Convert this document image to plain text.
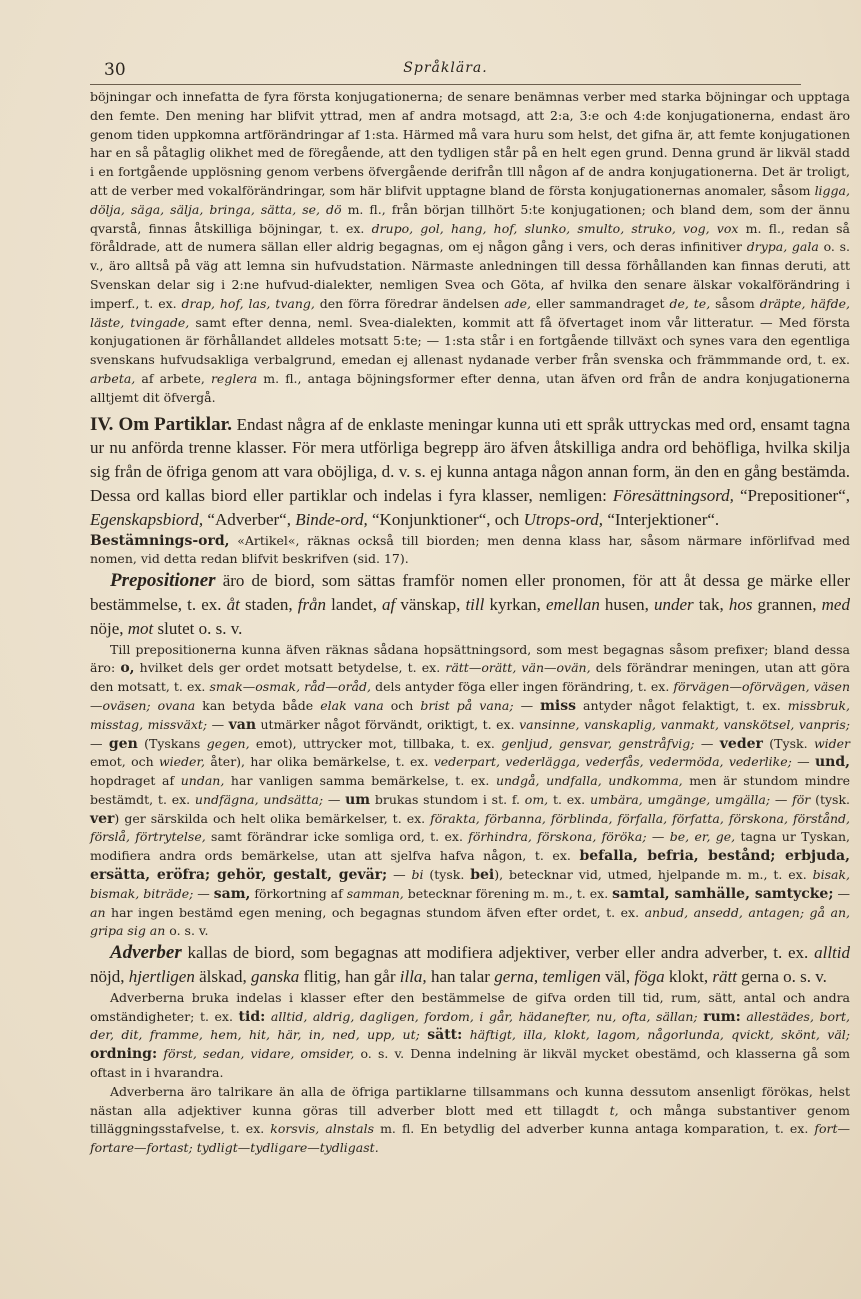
30	Språklära.

böjningar och innefatta de fyra första konjugationerna; de senare benämnas verber med starka böjningar och upptaga den femte. Den mening har blifvit yttrad, men af andra motsagd, att 2:a, 3:e och 4:de konjugationerna, endast äro genom tiden uppkomna artförändringar af 1:sta. Härmed må vara huru som helst, det gifna är, att femte konjugationen har en så påtaglig olikhet med de föregående, att den tydligen står på en helt egen grund. Denna grund är likväl stadd i en fortgående upplösning genom verbens öfvergående derifrån tlll någon af de andra konjugationerna. Det är troligt, att de verber med vokalförändringar, som här blifvit upptagne bland de första konjugationernas anomaler, såsom ligga, dölja, säga, sälja, bringa, sätta, se, dö m. fl., från början tillhört 5:te konjugationen; och bland dem, som der ännu qvarstå, finnas åtskilliga böjningar, t. ex. drupo, gol, hang, hof, slunko, smulto, struko, vog, vox m. fl., redan så föråldrade, att de numera sällan eller aldrig begagnas, om ej någon gång i vers, och deras infinitiver drypa, gala o. s. v., äro alltså på väg att lemna sin hufvudstation. Närmaste anledningen till dessa förhållanden kan finnas deruti, att Svenskan delar sig i 2:ne hufvud-dialekter, nemligen Svea och Göta, af hvilka den senare älskar vokalförändring i imperf., t. ex. drap, hof, las, tvang, den förra föredrar ändelsen ade, eller sammandraget de, te, såsom dräpte, häfde, läste, tvingade, samt efter denna, neml. Svea-dialekten, kommit att få öfvertaget inom vår litteratur. — Med första konjugationen är förhållandet alldeles motsatt 5:te; — 1:sta står i en fortgående tillväxt och synes vara den egentliga svenskans hufvudsakliga verbalgrund, emedan ej allenast nydanade verber från svenska och främmmande ord, t. ex. arbeta, af arbete, reglera m. fl., antaga böjningsformer efter denna, utan äfven ord från de andra konjugationerna alltjemt dit öfvergå.

IV. Om Partiklar. Endast några af de enklaste meningar kunna uti ett språk uttryckas med ord, ensamt tagna ur nu anförda trenne klasser. För mera utförliga begrepp äro äfven åtskilliga andra ord behöfliga, hvilka skilja sig från de öfriga genom att vara oböjliga, d. v. s. ej kunna antaga någon annan form, än den en gång bestämda. Dessa ord kallas biord eller partiklar och indelas i fyra klasser, nemligen: Föresättningsord, “Prepositioner“, Egenskapsbiord, “Adverber“, Binde-ord, “Konjunktioner“, och Utrops-ord, “Interjektioner“.

Bestämnings-ord, «Artikel«, räknas också till biorden; men denna klass har, såsom närmare införlifvad med nomen, vid detta redan blifvit beskrifven (sid. 17).

Prepositioner äro de biord, som sättas framför nomen eller pronomen, för att åt dessa ge märke eller bestämmelse, t. ex. åt staden, från landet, af vänskap, till kyrkan, emellan husen, under tak, hos grannen, med nöje, mot slutet o. s. v.

Till prepositionerna kunna äfven räknas sådana hopsättningsord, som mest begagnas såsom prefixer; bland dessa äro: o, hvilket dels ger ordet motsatt betydelse, t. ex. rätt—orätt, vän—ovän, dels förändrar meningen, utan att göra den motsatt, t. ex. smak—osmak, råd—oråd, dels antyder föga eller ingen förändring, t. ex. förvägen—oförvägen, väsen—oväsen; ovana kan betyda både elak vana och brist på vana; — miss antyder något felaktigt, t. ex. missbruk, misstag, missväxt; — van utmärker något förvändt, oriktigt, t. ex. vansinne, vanskaplig, vanmakt, vanskötsel, vanpris; — gen (Tyskans gegen, emot), uttrycker mot, tillbaka, t. ex. genljud, gensvar, genstråfvig; — veder (Tysk. wider emot, och wieder, åter), har olika bemärkelse, t. ex. vederpart, vederlägga, vederfås, vedermöda, vederlike; — und, hopdraget af undan, har vanligen samma bemärkelse, t. ex. undgå, undfalla, undkomma, men är stundom mindre bestämdt, t. ex. undfägna, undsätta; — um brukas stundom i st. f. om, t. ex. umbära, umgänge, umgälla; — för (tysk. ver) ger särskilda och helt olika bemärkelser, t. ex. förakta, förbanna, förblinda, förfalla, författa, förskona, förstånd, förslå, förtrytelse, samt förändrar icke somliga ord, t. ex. förhindra, förskona, föröka; — be, er, ge, tagna ur Tyskan, modifiera andra ords bemärkelse, utan att sjelfva hafva någon, t. ex. befalla, befria, bestånd; erbjuda, ersätta, eröfra; gehör, gestalt, gevär; — bi (tysk. bei), betecknar vid, utmed, hjelpande m. m., t. ex. bisak, bismak, biträde; — sam, förkortning af samman, betecknar förening m. m., t. ex. samtal, samhälle, samtycke; — an har ingen bestämd egen mening, och begagnas stundom äfven efter ordet, t. ex. anbud, ansedd, antagen; gå an, gripa sig an o. s. v.

Adverber kallas de biord, som begagnas att modifiera adjektiver, verber eller andra adverber, t. ex. alltid nöjd, hjertligen älskad, ganska flitig, han går illa, han talar gerna, temligen väl, föga klokt, rätt gerna o. s. v.

Adverberna bruka indelas i klasser efter den bestämmelse de gifva orden till tid, rum, sätt, antal och andra omständigheter; t. ex. tid: alltid, aldrig, dagligen, fordom, i går, hädanefter, nu, ofta, sällan; rum: allestädes, bort, der, dit, framme, hem, hit, här, in, ned, upp, ut; sätt: häftigt, illa, klokt, lagom, någorlunda, qvickt, skönt, väl; ordning: först, sedan, vidare, omsider, o. s. v. Denna indelning är likväl mycket obestämd, och klasserna gå som oftast in i hvarandra.

Adverberna äro talrikare än alla de öfriga partiklarne tillsammans och kunna dessutom ansenligt förökas, helst nästan alla adjektiver kunna göras till adverber blott med ett tillagdt t, och många substantiver genom tilläggningsstafvelse, t. ex. korsvis, alnstals m. fl. En betydlig del adverber kunna antaga komparation, t. ex. fort—fortare—fortast; tydligt—tydligare—tydligast.
